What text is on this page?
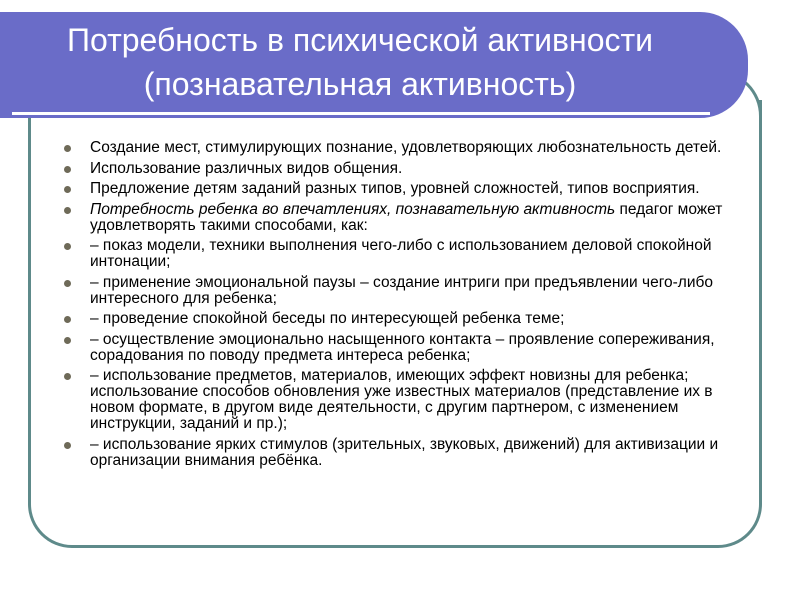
Потребность в психической активности
(познавательная активность)
Создание мест, стимулирующих познание, удовлетворяющих любознательность детей.
Использование различных видов общения.
Предложение детям заданий разных типов, уровней сложностей, типов восприятия.
Потребность ребенка во впечатлениях, познавательную активность педагог может удовлетворять такими способами, как:
– показ модели, техники выполнения чего-либо с использованием деловой спокойной интонации;
– применение эмоциональной паузы – создание интриги при предъявлении чего-либо интересного для ребенка;
– проведение спокойной беседы по интересующей ребенка теме;
– осуществление эмоционально насыщенного контакта – проявление сопереживания, сорадования по поводу предмета интереса ребенка;
– использование предметов, материалов, имеющих эффект новизны для ребенка; использование способов обновления уже известных материалов (представление их в новом формате, в другом виде деятельности, с другим партнером, с изменением инструкции, заданий и пр.);
– использование ярких стимулов (зрительных, звуковых, движений) для активизации и организации внимания ребёнка.
